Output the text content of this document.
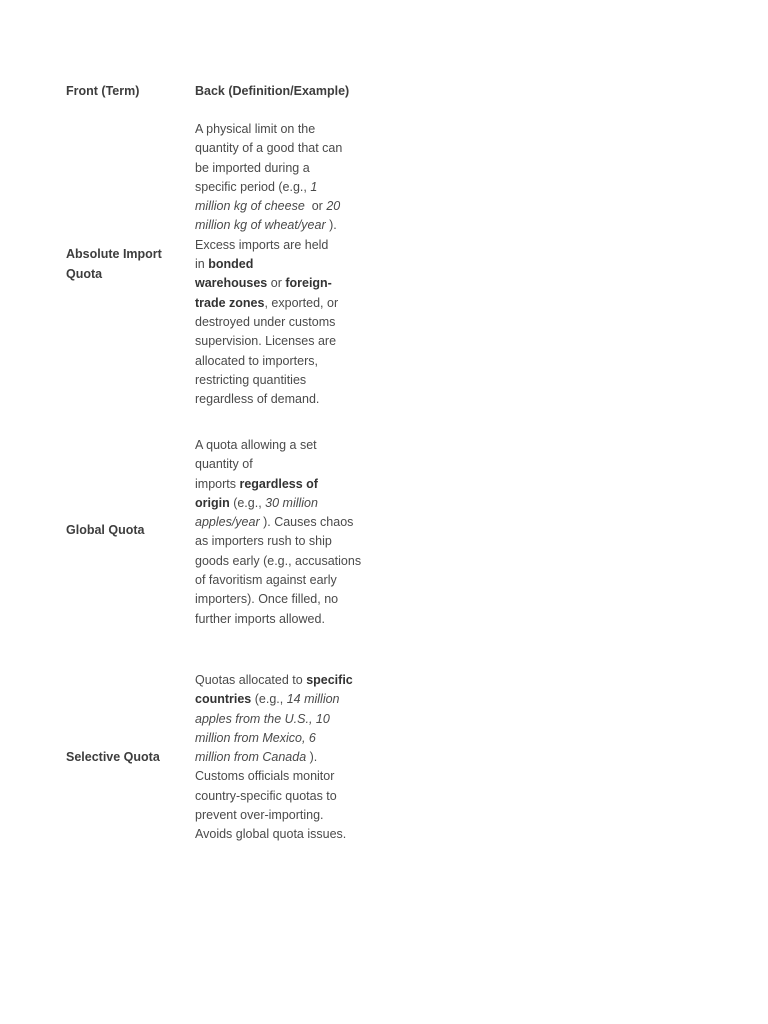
Front (Term)	Back (Definition/Example)
Absolute Import Quota
A physical limit on the
quantity of a good that can
be imported during a
specific period (e.g., 1
million kg of cheese  or 20
million kg of wheat/year ).
Excess imports are held
in bonded
warehouses or foreign-
trade zones, exported, or
destroyed under customs
supervision. Licenses are
allocated to importers,
restricting quantities
regardless of demand.
Global Quota
A quota allowing a set
quantity of
imports regardless of
origin (e.g., 30 million
apples/year ). Causes chaos
as importers rush to ship
goods early (e.g., accusations
of favoritism against early
importers). Once filled, no
further imports allowed.
Selective Quota
Quotas allocated to specific
countries (e.g., 14 million
apples from the U.S., 10
million from Mexico, 6
million from Canada ).
Customs officials monitor
country-specific quotas to
prevent over-importing.
Avoids global quota issues.
